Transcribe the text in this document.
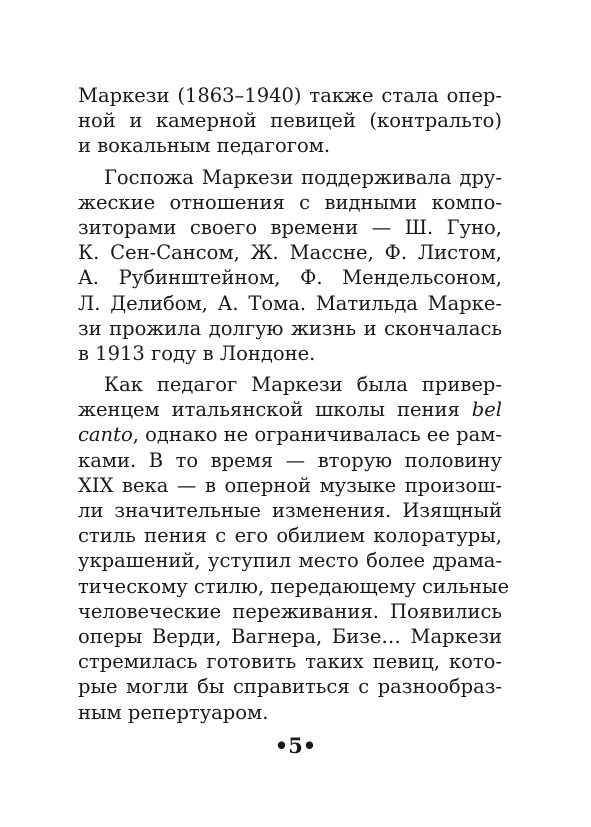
Маркези (1863–1940) также стала опер-
ной и камерной певицей (контральто)
и вокальным педагогом.
Госпожа Маркези поддерживала дру-
жеские отношения с видными компо-
зиторами своего времени — Ш. Гуно,
К. Сен-Сансом, Ж. Массне, Ф. Листом,
А. Рубинштейном, Ф. Мендельсоном,
Л. Делибом, А. Тома. Матильда Марке-
зи прожила долгую жизнь и скончалась
в 1913 году в Лондоне.
Как педагог Маркези была привер-
женцем итальянской школы пения bel
canto, однако не ограничивалась ее рам-
ками. В то время — вторую половину
XIX века — в оперной музыке произош-
ли значительные изменения. Изящный
стиль пения с его обилием колоратуры,
украшений, уступил место более драма-
тическому стилю, передающему сильные
человеческие переживания. Появились
оперы Верди, Вагнера, Бизе… Маркези
стремилась готовить таких певиц, кото-
рые могли бы справиться с разнообраз-
ным репертуаром.
•5•
